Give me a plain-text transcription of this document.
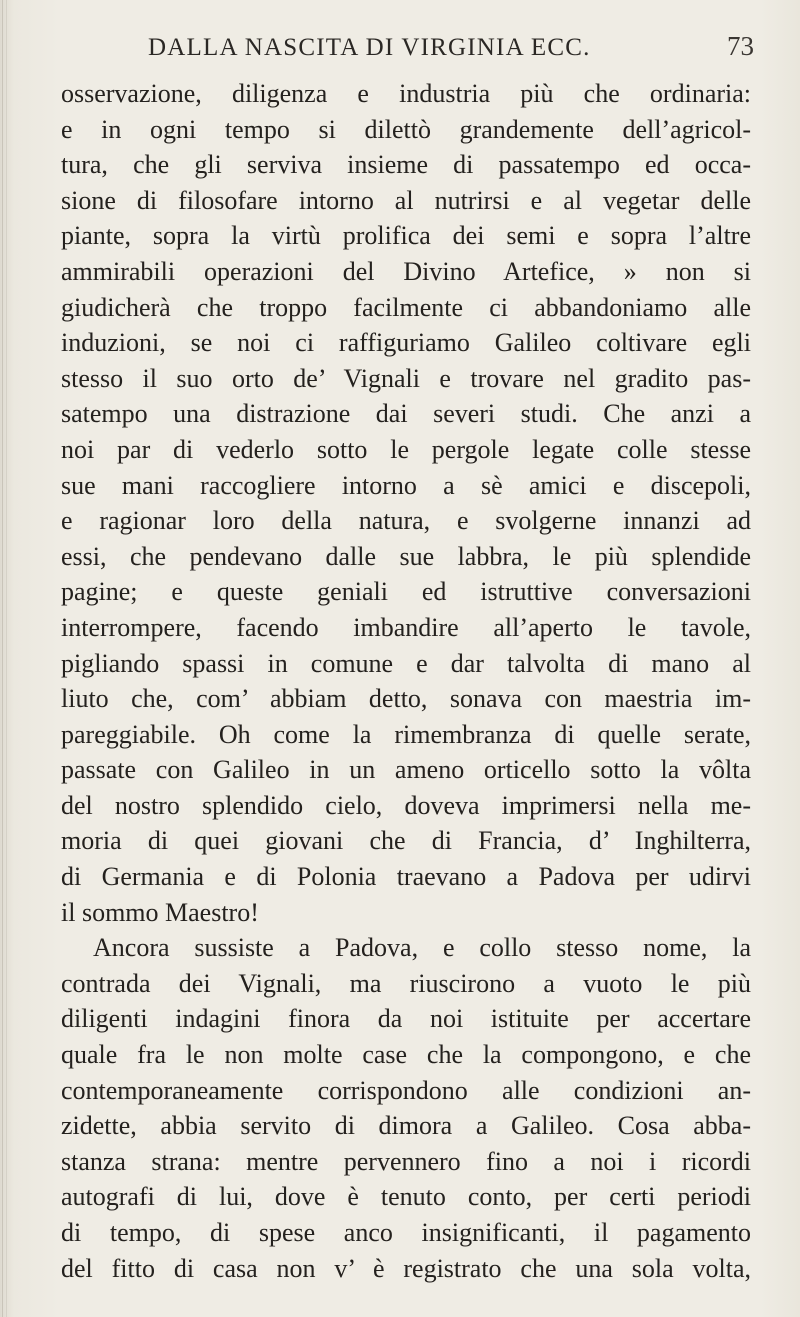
DALLA NASCITA DI VIRGINIA ECC.	73
osservazione, diligenza e industria più che ordinaria:
e in ogni tempo si dilettò grandemente dell’agricol-
tura, che gli serviva insieme di passatempo ed occa-
sione di filosofare intorno al nutrirsi e al vegetar delle
piante, sopra la virtù prolifica dei semi e sopra l’altre
ammirabili operazioni del Divino Artefice, » non si
giudicherà che troppo facilmente ci abbandoniamo alle
induzioni, se noi ci raffiguriamo Galileo coltivare egli
stesso il suo orto de’ Vignali e trovare nel gradito pas-
satempo una distrazione dai severi studi. Che anzi a
noi par di vederlo sotto le pergole legate colle stesse
sue mani raccogliere intorno a sè amici e discepoli,
e ragionar loro della natura, e svolgerne innanzi ad
essi, che pendevano dalle sue labbra, le più splendide
pagine; e queste geniali ed istruttive conversazioni
interrompere, facendo imbandire all’aperto le tavole,
pigliando spassi in comune e dar talvolta di mano al
liuto che, com’ abbiam detto, sonava con maestria im-
pareggiabile. Oh come la rimembranza di quelle serate,
passate con Galileo in un ameno orticello sotto la vôlta
del nostro splendido cielo, doveva imprimersi nella me-
moria di quei giovani che di Francia, d’ Inghilterra,
di Germania e di Polonia traevano a Padova per udirvi
il sommo Maestro!
Ancora sussiste a Padova, e collo stesso nome, la
contrada dei Vignali, ma riuscirono a vuoto le più
diligenti indagini finora da noi istituite per accertare
quale fra le non molte case che la compongono, e che
contemporaneamente corrispondono alle condizioni an-
zidette, abbia servito di dimora a Galileo. Cosa abba-
stanza strana: mentre pervennero fino a noi i ricordi
autografi di lui, dove è tenuto conto, per certi periodi
di tempo, di spese anco insignificanti, il pagamento
del fitto di casa non v’ è registrato che una sola volta,
